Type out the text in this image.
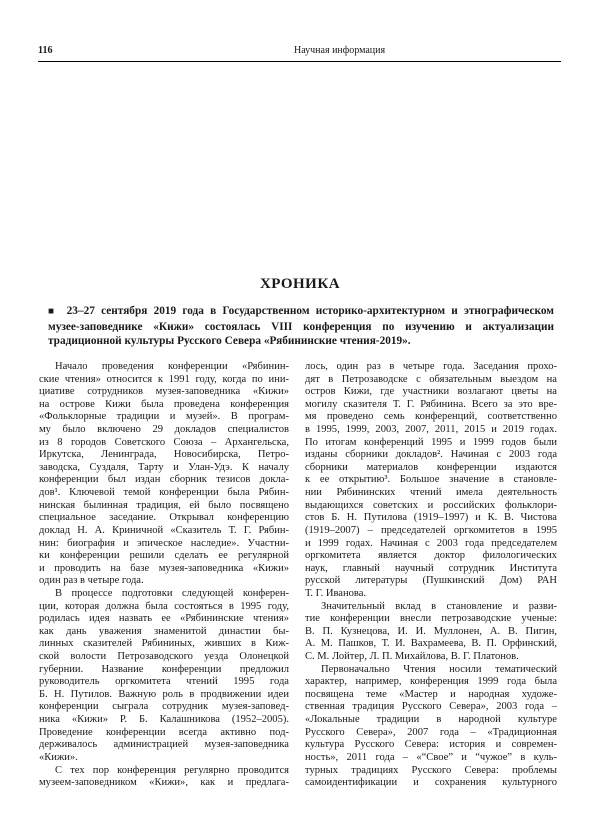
116	Научная информация
ХРОНИКА

■ 23–27 сентября 2019 года в Государственном историко-архитектурном и этнографическом музее-заповеднике «Кижи» состоялась VIII конференция по изучению и актуализации традиционной культуры Русского Севера «Рябининские чтения-2019».

Начало проведения конференции «Рябинин-
ские чтения» относится к 1991 году, когда по ини-
циативе сотрудников музея-заповедника «Кижи»
на острове Кижи была проведена конференция
«Фольклорные традиции и музей». В програм-
му было включено 29 докладов специалистов
из 8 городов Советского Союза – Архангельска,
Иркутска, Ленинграда, Новосибирска, Петро-
заводска, Суздаля, Тарту и Улан-Удэ. К началу
конференции был издан сборник тезисов докла-
дов¹. Ключевой темой конференции была Рябин-
нинская былинная традиция, ей было посвящено
специальное заседание. Открывал конференцию
доклад Н. А. Криничной «Сказитель Т. Г. Рябин-
нин: биография и эпическое наследие». Участни-
ки конференции решили сделать ее регулярной
и проводить на базе музея-заповедника «Кижи»
один раз в четыре года.
В процессе подготовки следующей конферен-
ции, которая должна была состояться в 1995 году,
родилась идея назвать ее «Рябининские чтения»
как дань уважения знаменитой династии бы-
линных сказителей Рябининых, живших в Киж-
ской волости Петрозаводского уезда Олонецкой
губернии. Название конференции предложил
руководитель оргкомитета чтений 1995 года
Б. Н. Путилов. Важную роль в продвижении идеи
конференции сыграла сотрудник музея-заповед-
ника «Кижи» Р. Б. Калашникова (1952–2005).
Проведение конференции всегда активно под-
держивалось администрацией музея-заповедника
«Кижи».
С тех пор конференция регулярно проводится
музеем-заповедником «Кижи», как и предлага-
лось, один раз в четыре года. Заседания прохо-
дят в Петрозаводске с обязательным выездом на
остров Кижи, где участники возлагают цветы на
могилу сказителя Т. Г. Рябинина. Всего за это вре-
мя проведено семь конференций, соответственно
в 1995, 1999, 2003, 2007, 2011, 2015 и 2019 годах.
По итогам конференций 1995 и 1999 годов были
изданы сборники докладов². Начиная с 2003 года
сборники материалов конференции издаются
к ее открытию³. Большое значение в становле-
нии Рябининских чтений имела деятельность
выдающихся советских и российских фольклори-
стов Б. Н. Путилова (1919–1997) и К. В. Чистова
(1919–2007) – председателей оргкомитетов в 1995
и 1999 годах. Начиная с 2003 года председателем
оргкомитета является доктор филологических
наук, главный научный сотрудник Института
русской литературы (Пушкинский Дом) РАН
Т. Г. Иванова.
Значительный вклад в становление и разви-
тие конференции внесли петрозаводские ученые:
В. П. Кузнецова, И. И. Муллонен, А. В. Пигин,
А. М. Пашков, Т. И. Вахрамеева, В. П. Орфинский,
С. М. Лойтер, Л. П. Михайлова, В. Г. Платонов.
Первоначально Чтения носили тематический
характер, например, конференция 1999 года была
посвящена теме «Мастер и народная художе-
ственная традиция Русского Севера», 2003 года –
«Локальные традиции в народной культуре
Русского Севера», 2007 года – «Традиционная
культура Русского Севера: история и современ-
ность», 2011 года – «“Свое” и “чужое” в куль-
турных традициях Русского Севера: проблемы
самоидентификации и сохранения культурного
